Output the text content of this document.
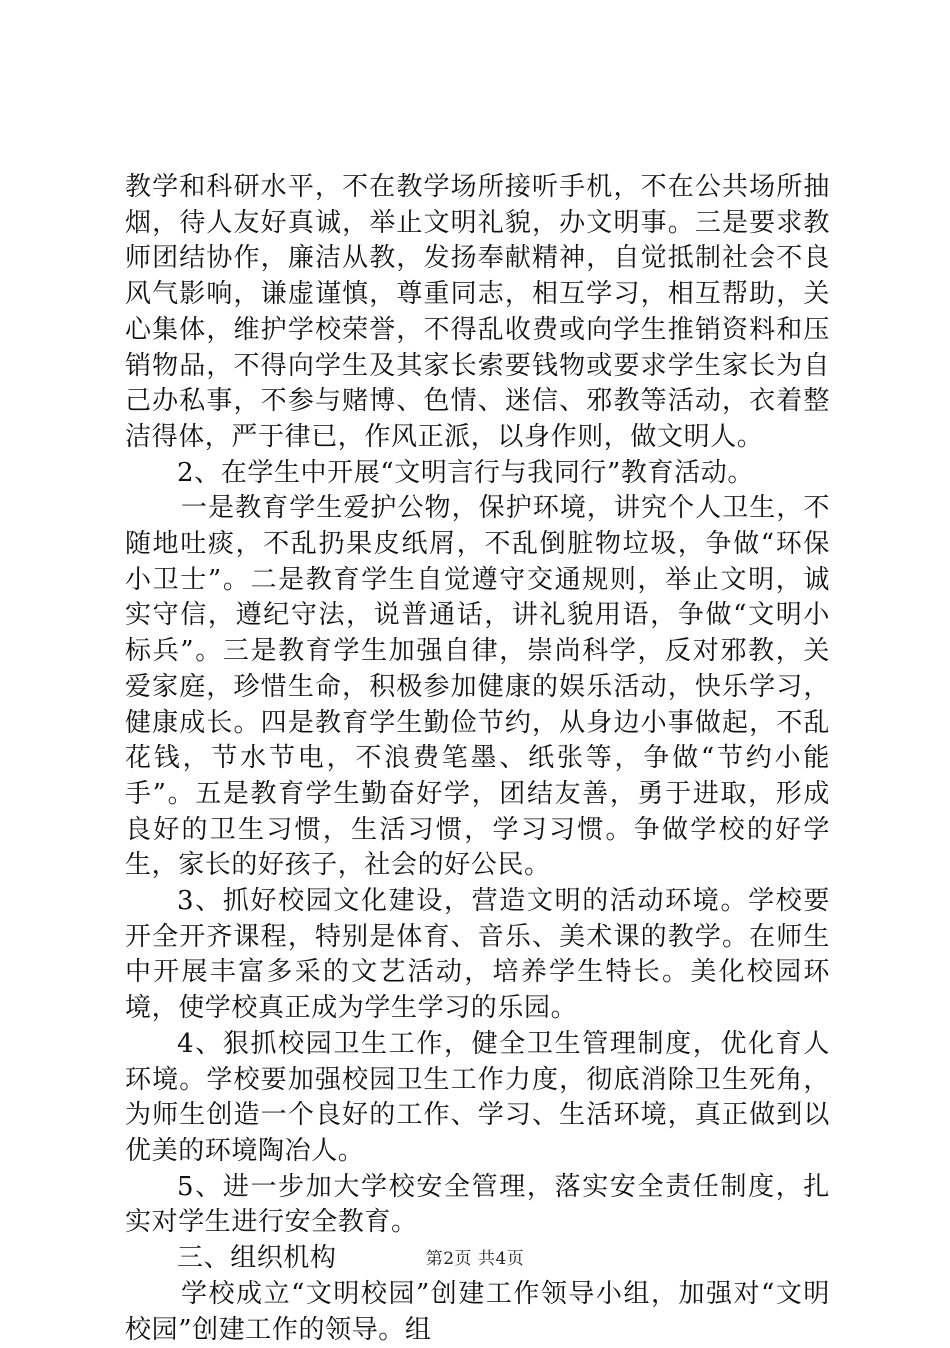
教学和科研水平，不在教学场所接听手机，不在公共场所抽烟，待人友好真诚，举止文明礼貌，办文明事。三是要求教师团结协作，廉洁从教，发扬奉献精神，自觉抵制社会不良风气影响，谦虚谨慎，尊重同志，相互学习，相互帮助，关心集体，维护学校荣誉，不得乱收费或向学生推销资料和压销物品，不得向学生及其家长索要钱物或要求学生家长为自己办私事，不参与赌博、色情、迷信、邪教等活动，衣着整洁得体，严于律已，作风正派，以身作则，做文明人。

2、在学生中开展“文明言行与我同行”教育活动。

一是教育学生爱护公物，保护环境，讲究个人卫生，不随地吐痰，不乱扔果皮纸屑，不乱倒脏物垃圾，争做“环保小卫士”。二是教育学生自觉遵守交通规则，举止文明，诚实守信，遵纪守法，说普通话，讲礼貌用语，争做“文明小标兵”。三是教育学生加强自律，崇尚科学，反对邪教，关爱家庭，珍惜生命，积极参加健康的娱乐活动，快乐学习，健康成长。四是教育学生勤俭节约，从身边小事做起，不乱花钱，节水节电，不浪费笔墨、纸张等，争做“节约小能手”。五是教育学生勤奋好学，团结友善，勇于进取，形成良好的卫生习惯，生活习惯，学习习惯。争做学校的好学生，家长的好孩子，社会的好公民。

3、抓好校园文化建设，营造文明的活动环境。学校要开全开齐课程，特别是体育、音乐、美术课的教学。在师生中开展丰富多采的文艺活动，培养学生特长。美化校园环境，使学校真正成为学生学习的乐园。

4、狠抓校园卫生工作，健全卫生管理制度，优化育人环境。学校要加强校园卫生工作力度，彻底消除卫生死角，为师生创造一个良好的工作、学习、生活环境，真正做到以优美的环境陶冶人。

5、进一步加大学校安全管理，落实安全责任制度，扎实对学生进行安全教育。

三、组织机构

学校成立“文明校园”创建工作领导小组，加强对“文明校园”创建工作的领导。组

第2页 共4页
